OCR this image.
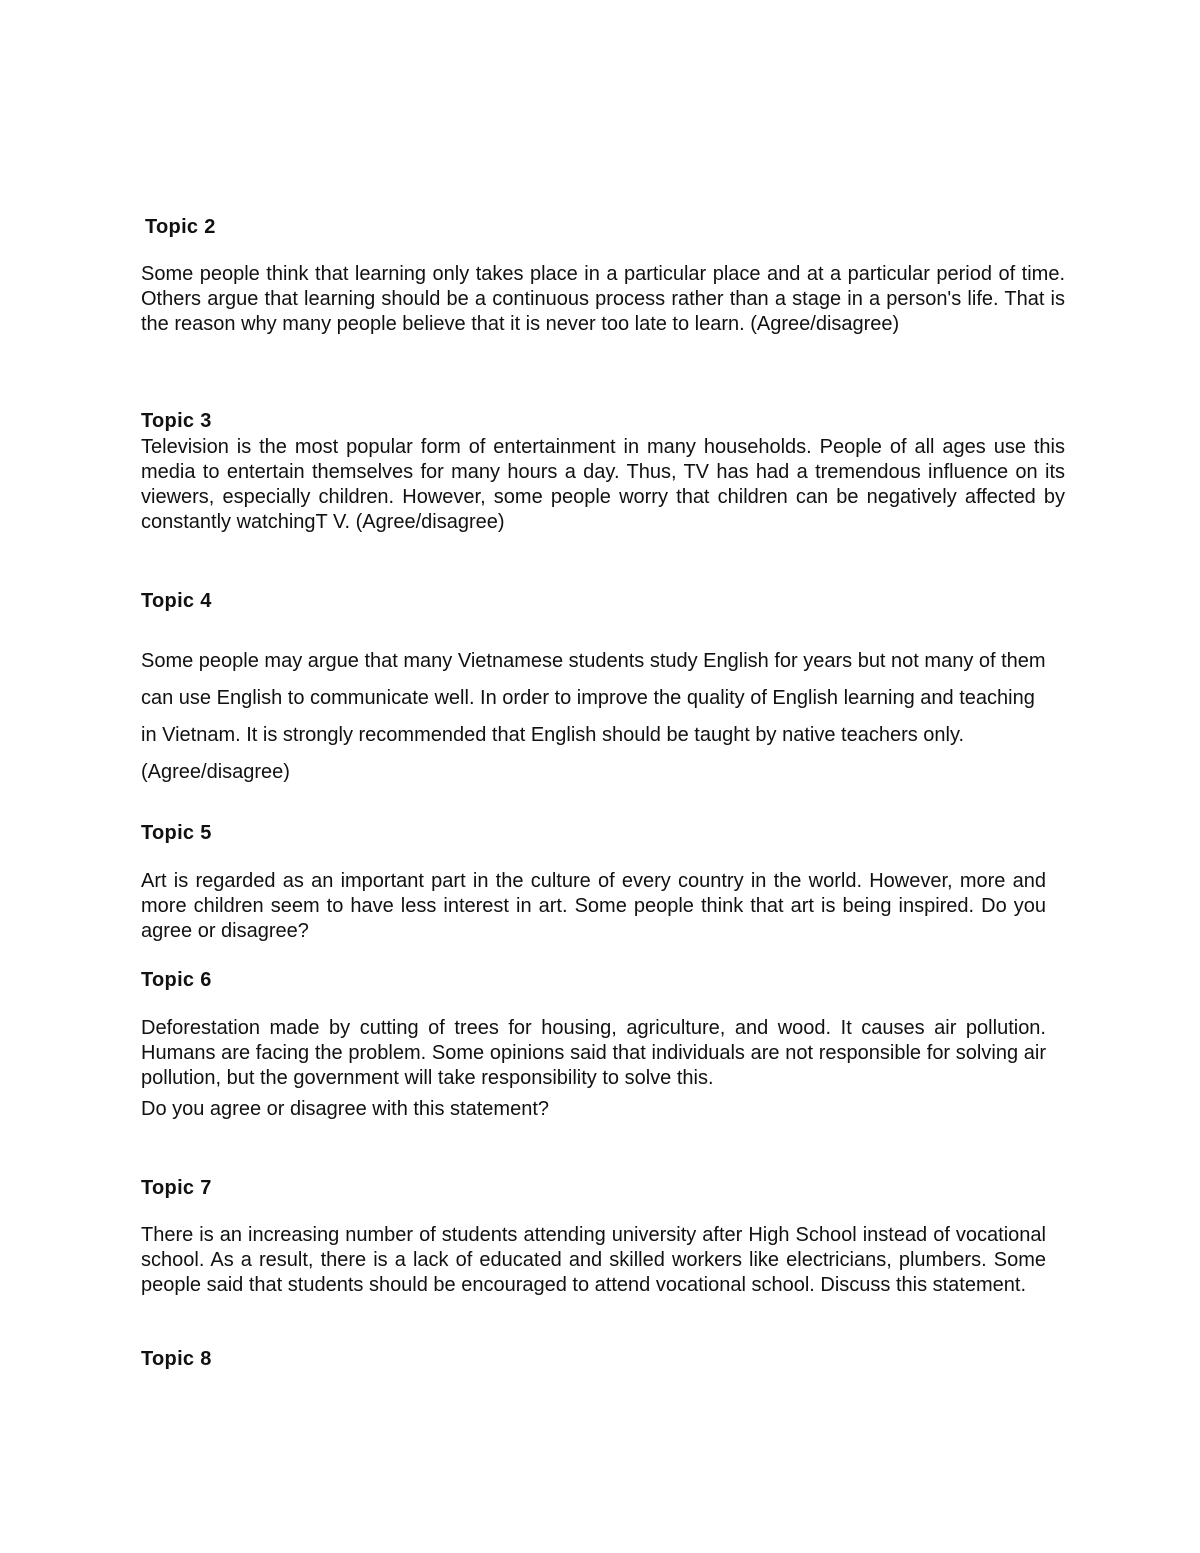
Topic 2

Some people think that learning only takes place in a particular place and at a particular period of time. Others argue that learning should be a continuous process rather than a stage in a person's life. That is the reason why many people believe that it is never too late to learn. (Agree/disagree)

Topic 3

Television is the most popular form of entertainment in many households. People of all ages use this media to entertain themselves for many hours a day. Thus, TV has had a tremendous influence on its viewers, especially children. However, some people worry that children can be negatively affected by constantly watchingT V. (Agree/disagree)

Topic 4

Some people may argue that many Vietnamese students study English for years but not many of them can use English to communicate well. In order to improve the quality of English learning and teaching in Vietnam. It is strongly recommended that English should be taught by native teachers only. (Agree/disagree)

Topic 5

Art is regarded as an important part in the culture of every country in the world. However, more and more children seem to have less interest in art. Some people think that art is being inspired. Do you agree or disagree?

Topic 6

Deforestation made by cutting of trees for housing, agriculture, and wood. It causes air pollution. Humans are facing the problem. Some opinions said that individuals are not responsible for solving air pollution, but the government will take responsibility to solve this.

Do you agree or disagree with this statement?

Topic 7

There is an increasing number of students attending university after High School instead of vocational school. As a result, there is a lack of educated and skilled workers like electricians, plumbers. Some people said that students should be encouraged to attend vocational school. Discuss this statement.

Topic 8
